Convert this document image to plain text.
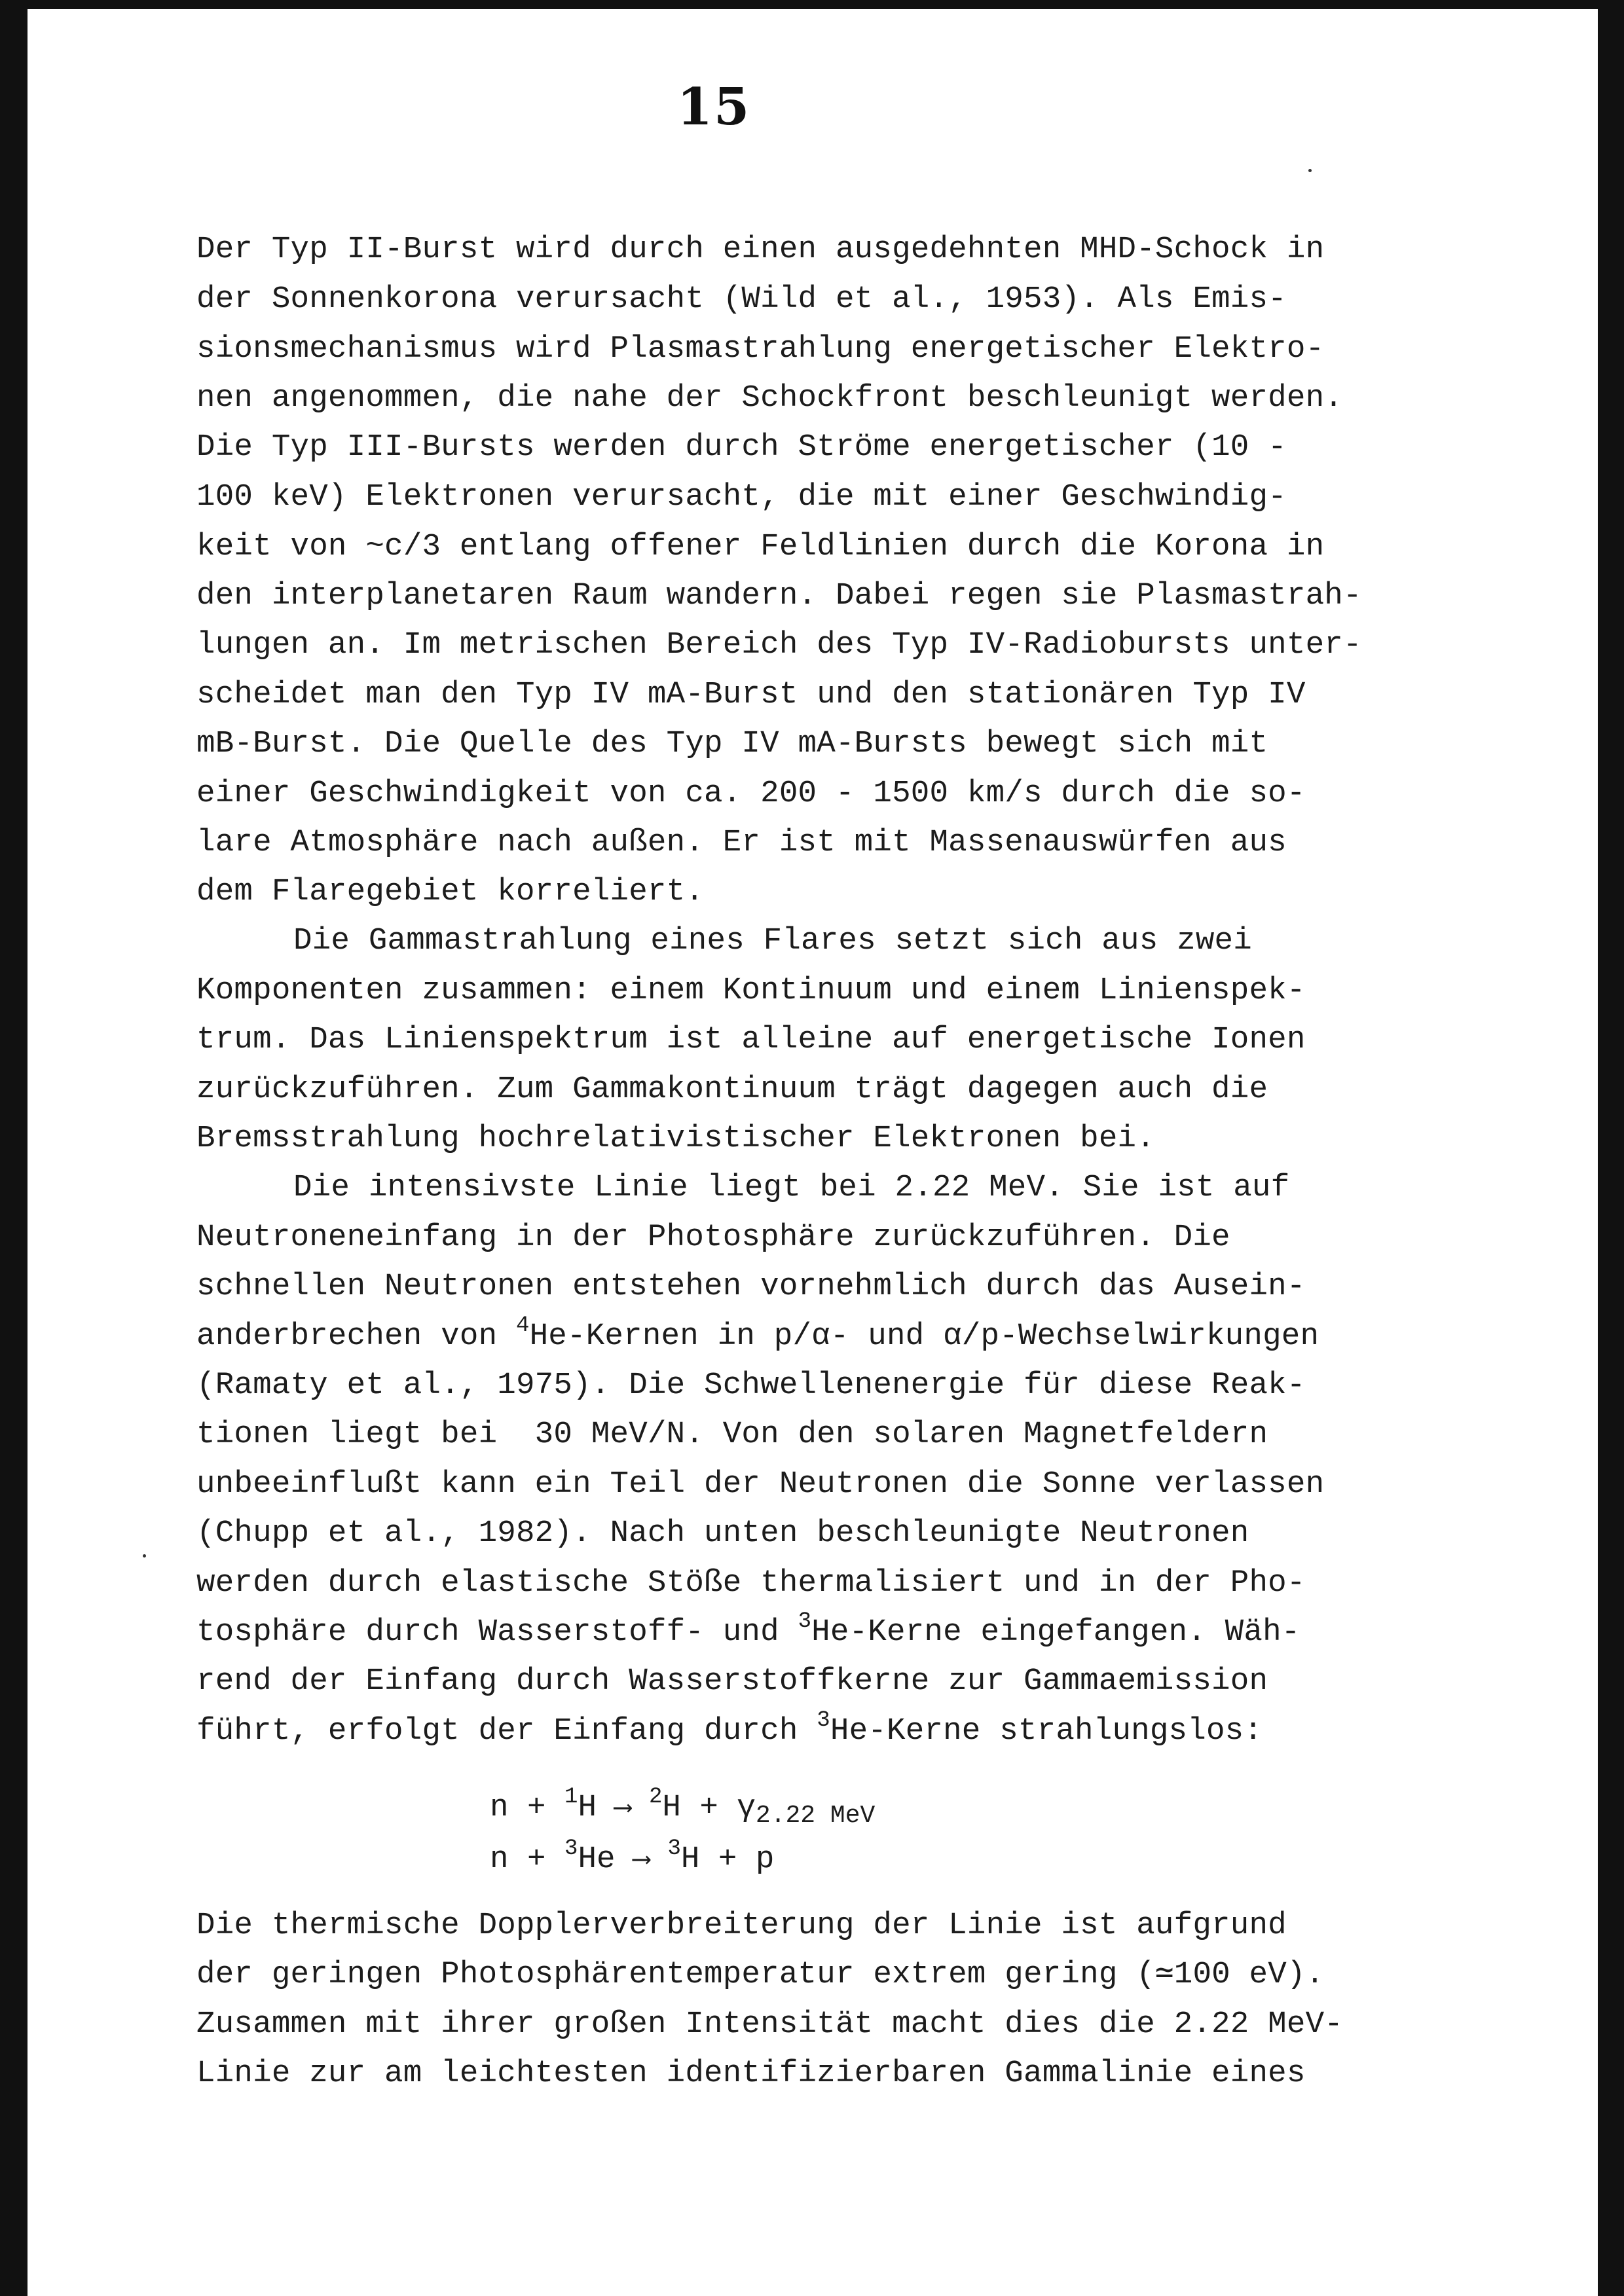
15
Der Typ II-Burst wird durch einen ausgedehnten MHD-Schock in
der Sonnenkorona verursacht (Wild et al., 1953). Als Emis-
sionsmechanismus wird Plasmastrahlung energetischer Elektro-
nen angenommen, die nahe der Schockfront beschleunigt werden.
Die Typ III-Bursts werden durch Ströme energetischer (10 -
100 keV) Elektronen verursacht, die mit einer Geschwindig-
keit von ~c/3 entlang offener Feldlinien durch die Korona in
den interplanetaren Raum wandern. Dabei regen sie Plasmastrah-
lungen an. Im metrischen Bereich des Typ IV-Radiobursts unter-
scheidet man den Typ IV mA-Burst und den stationären Typ IV
mB-Burst. Die Quelle des Typ IV mA-Bursts bewegt sich mit
einer Geschwindigkeit von ca. 200 - 1500 km/s durch die so-
lare Atmosphäre nach außen. Er ist mit Massenauswürfen aus
dem Flaregebiet korreliert.
Die Gammastrahlung eines Flares setzt sich aus zwei
Komponenten zusammen: einem Kontinuum und einem Linienspek-
trum. Das Linienspektrum ist alleine auf energetische Ionen
zurückzuführen. Zum Gammakontinuum trägt dagegen auch die
Bremsstrahlung hochrelativistischer Elektronen bei.
Die intensivste Linie liegt bei 2.22 MeV. Sie ist auf
Neutroneneinfang in der Photosphäre zurückzuführen. Die
schnellen Neutronen entstehen vornehmlich durch das Ausein-
anderbrechen von $^4$He-Kernen in p/α- und α/p-Wechselwirkungen
(Ramaty et al., 1975). Die Schwellenenergie für diese Reak-
tionen liegt bei  30 MeV/N. Von den solaren Magnetfeldern
unbeeinflußt kann ein Teil der Neutronen die Sonne verlassen
(Chupp et al., 1982). Nach unten beschleunigte Neutronen
werden durch elastische Stöße thermalisiert und in der Pho-
tosphäre durch Wasserstoff- und $^3$He-Kerne eingefangen. Wäh-
rend der Einfang durch Wasserstoffkerne zur Gammaemission
führt, erfolgt der Einfang durch $^3$He-Kerne strahlungslos:
n + $^1$H ⟶ $^2H + \gamma_{2.22 MeV}$
n + $^3$He ⟶ $^3$H + p
Die thermische Dopplerverbreiterung der Linie ist aufgrund
der geringen Photosphärentemperatur extrem gering (≃100 eV).
Zusammen mit ihrer großen Intensität macht dies die 2.22 MeV-
Linie zur am leichtesten identifizierbaren Gammalinie eines
